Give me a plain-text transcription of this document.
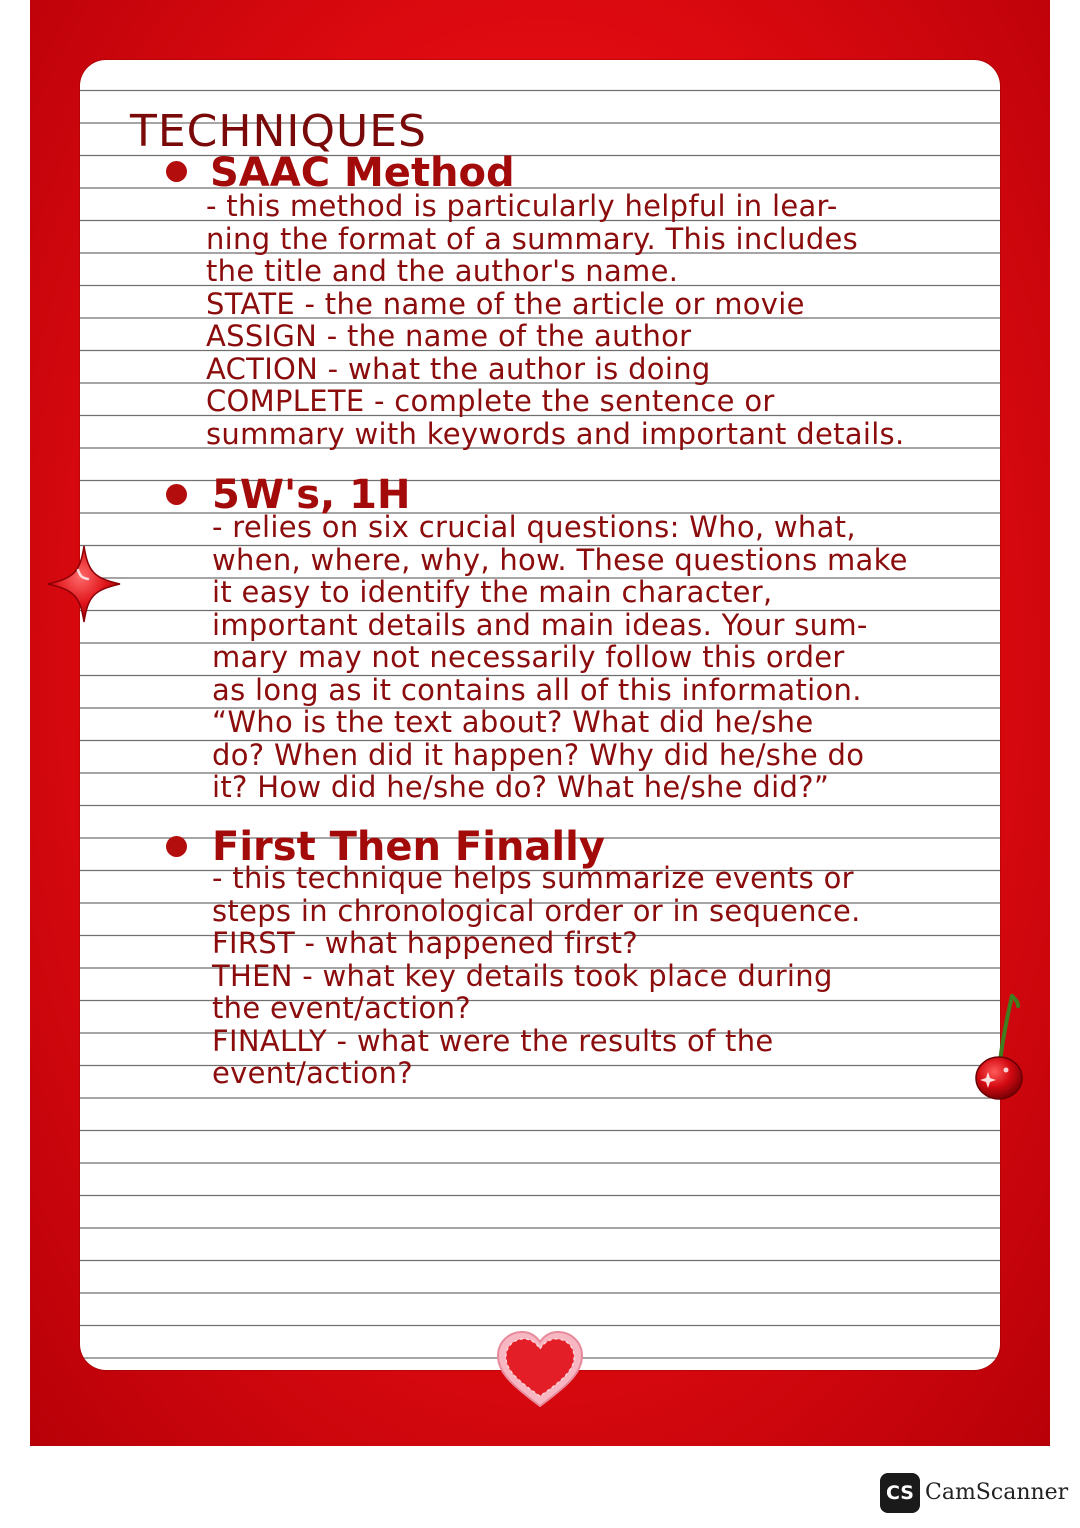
TECHNIQUES
SAAC Method
- this method is particularly helpful in lear-
ning the format of a summary. This includes
the title and the author's name.
STATE - the name of the article or movie
ASSIGN - the name of the author
ACTION - what the author is doing
COMPLETE - complete the sentence or
summary with keywords and important details.
5W's, 1H
- relies on six crucial questions: Who, what,
when, where, why, how. These questions make
it easy to identify the main character,
important details and main ideas. Your sum-
mary may not necessarily follow this order
as long as it contains all of this information.
“Who is the text about? What did he/she
do? When did it happen? Why did he/she do
it? How did he/she do? What he/she did?”
First Then Finally
- this technique helps summarize events or
steps in chronological order or in sequence.
FIRST - what happened first?
THEN - what key details took place during
the event/action?
FINALLY - what were the results of the
event/action?
CS CamScanner
